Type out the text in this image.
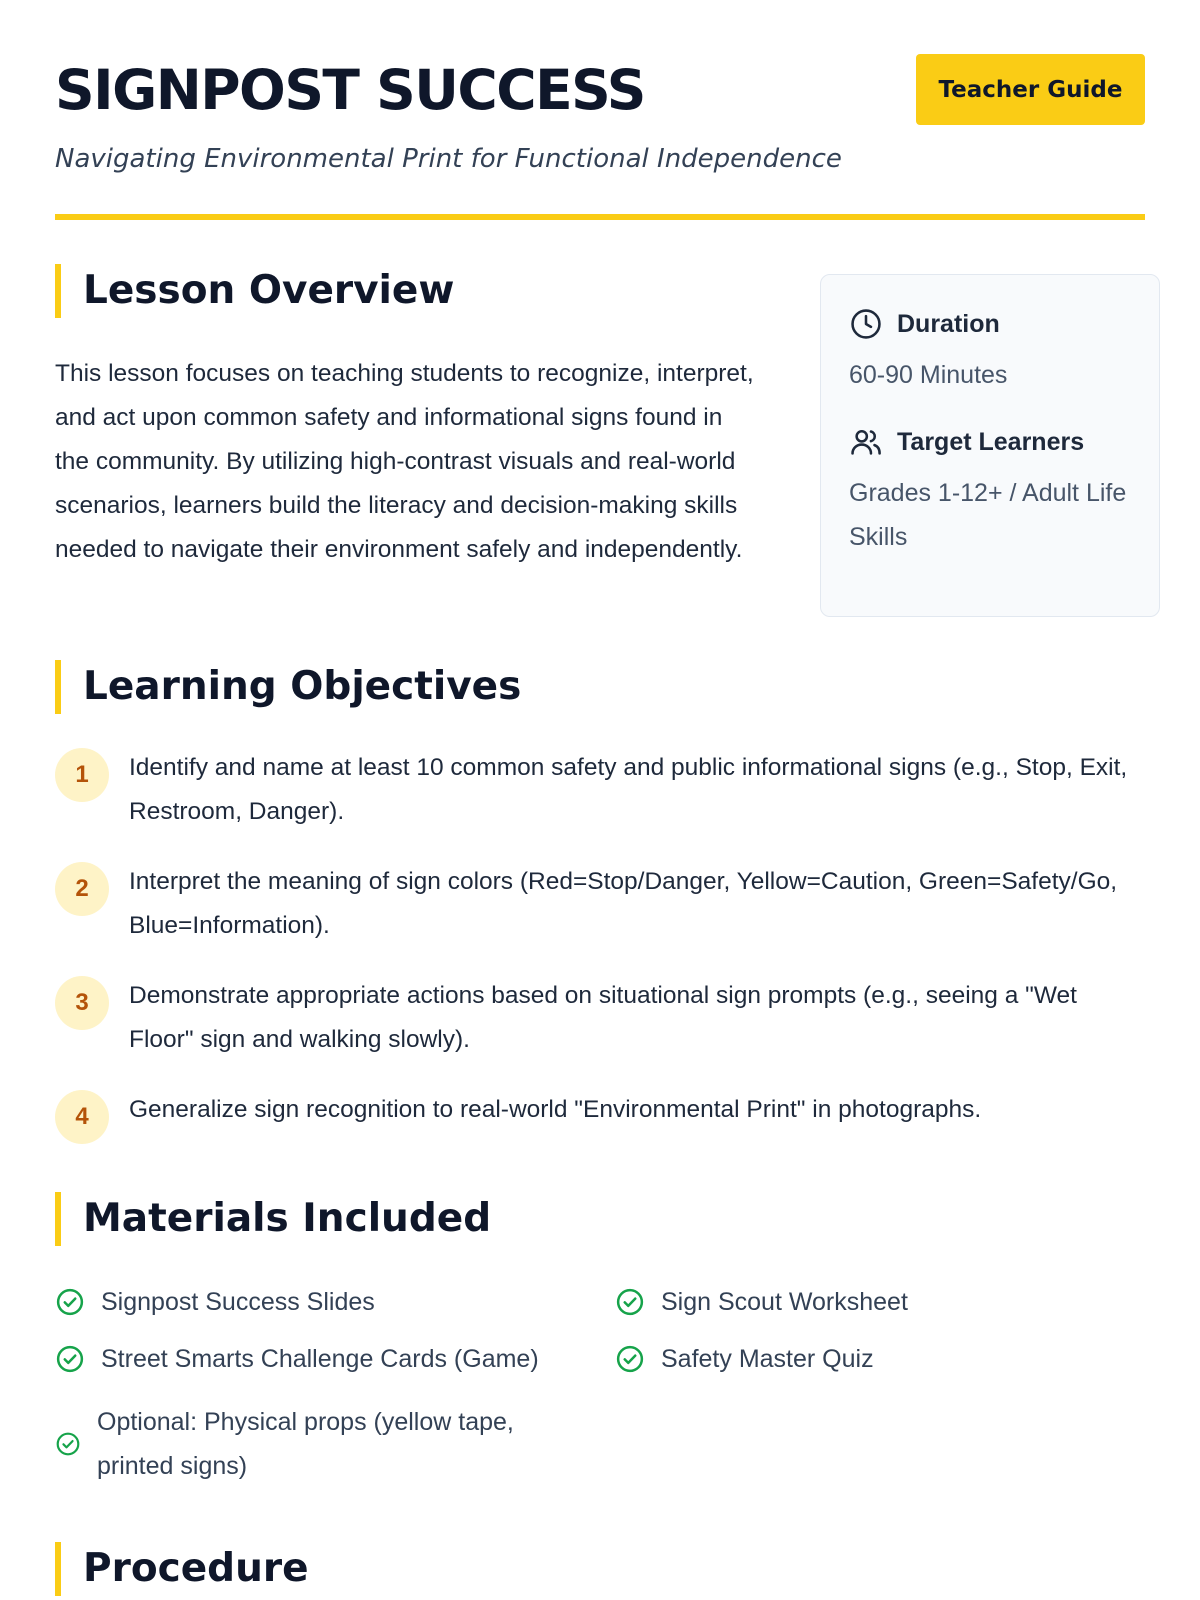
SIGNPOST SUCCESS

Navigating Environmental Print for Functional Independence

Teacher Guide
Lesson Overview

This lesson focuses on teaching students to recognize, interpret, and act upon common safety and informational signs found in the community. By utilizing high-contrast visuals and real-world scenarios, learners build the literacy and decision-making skills needed to navigate their environment safely and independently.

Duration
60-90 Minutes
Target Learners
Grades 1-12+ / Adult Life Skills
Learning Objectives
1	Identify and name at least 10 common safety and public informational signs (e.g., Stop, Exit, Restroom, Danger).
2	Interpret the meaning of sign colors (Red=Stop/Danger, Yellow=Caution, Green=Safety/Go, Blue=Information).
3	Demonstrate appropriate actions based on situational sign prompts (e.g., seeing a "Wet Floor" sign and walking slowly).
4	Generalize sign recognition to real-world "Environmental Print" in photographs.
Materials Included
Signpost Success Slides	Sign Scout Worksheet
Street Smarts Challenge Cards (Game)	Safety Master Quiz
Optional: Physical props (yellow tape, printed signs)
Procedure
